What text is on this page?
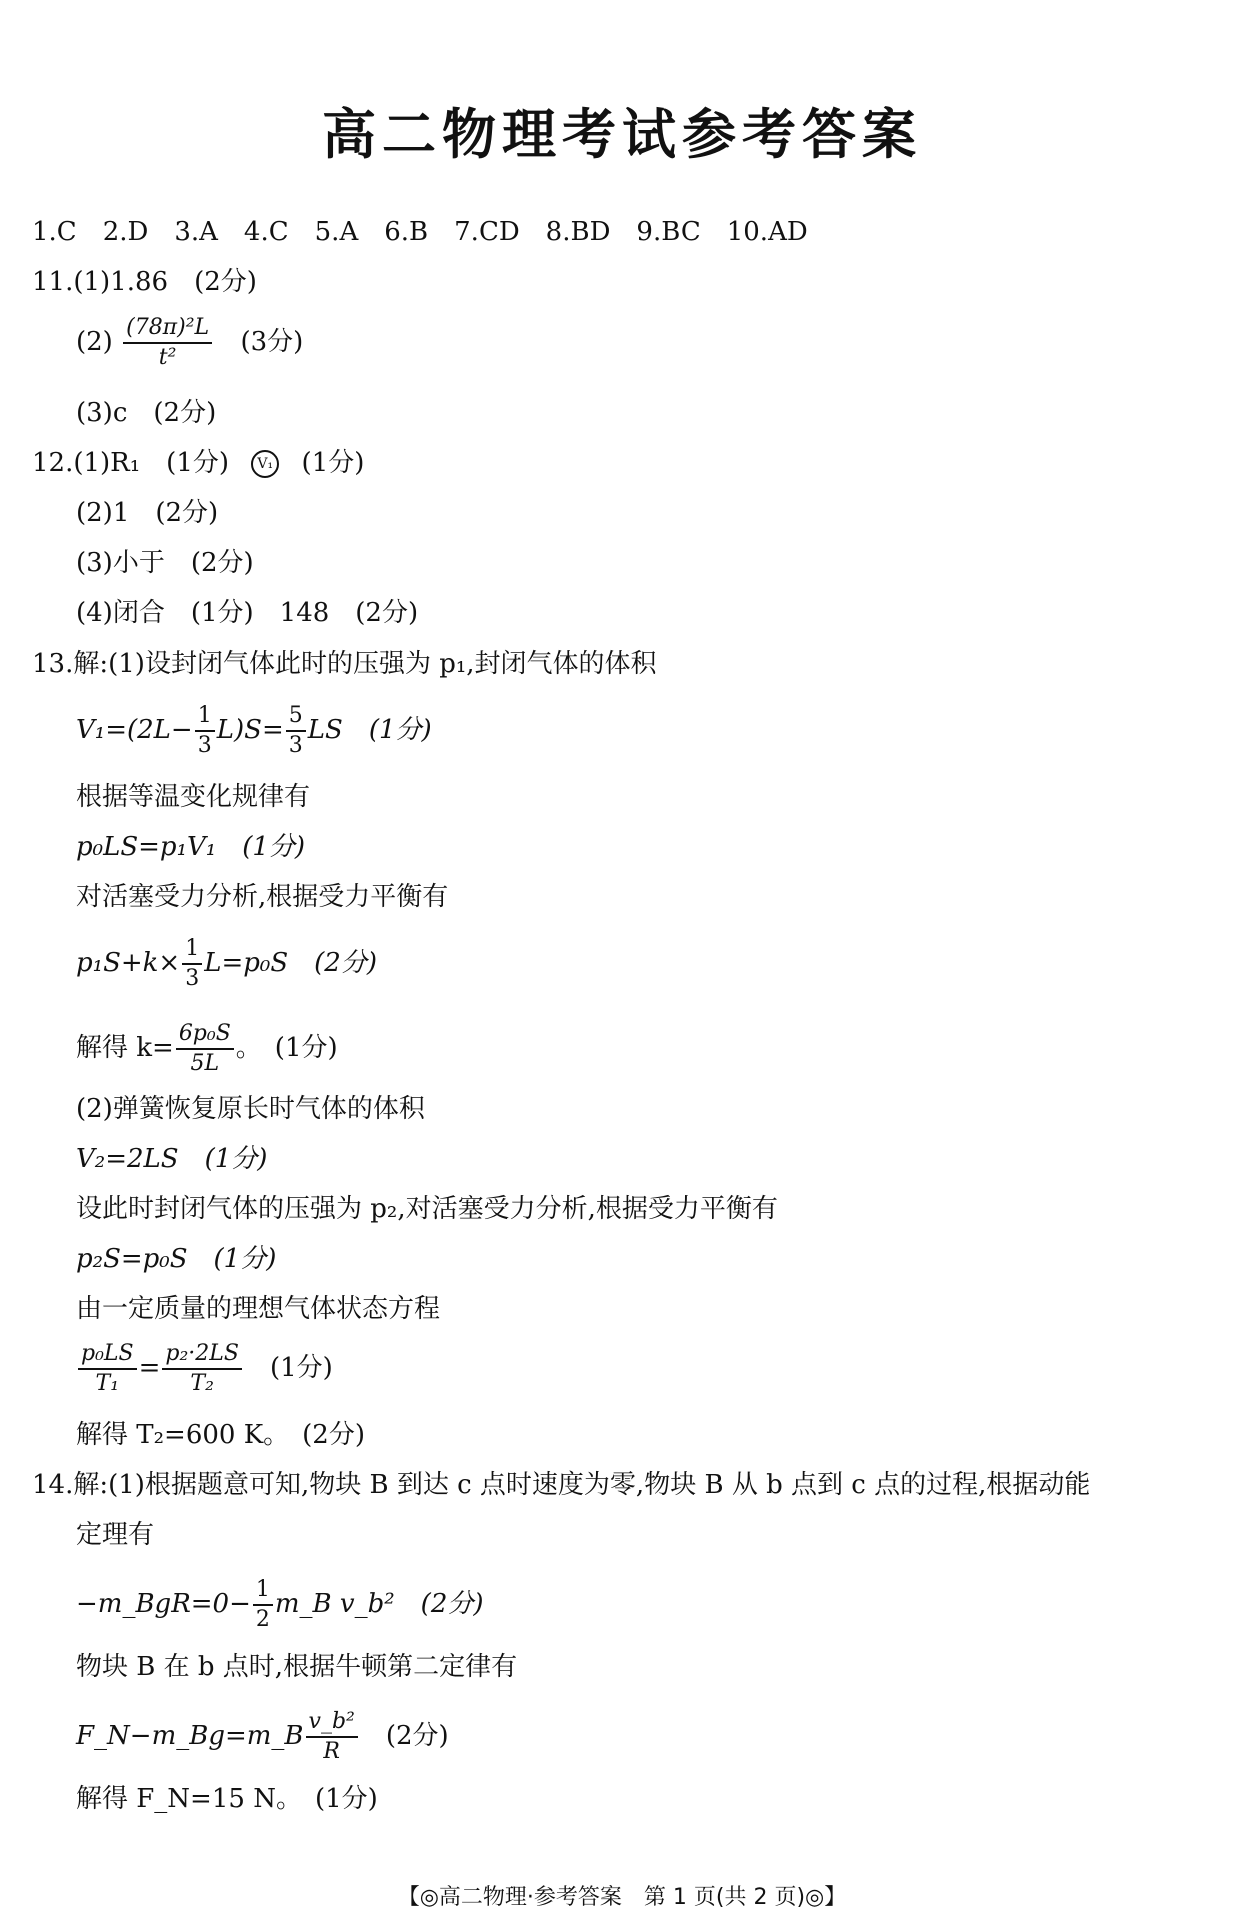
高二物理考试参考答案
1.C　2.D　3.A　4.C　5.A　6.B　7.CD　8.BD　9.BC　10.AD
11.(1)1.86　(2分)
$(2) \frac{\text{(78π)²L}}{\text{t²}} (3$分)
(3)c　(2分)
12.(1)R₁　(1分) V₁ (1分)
(2)1　(2分)
(3)小于　(2分)
(4)闭合　(1分)　148　(2分)
13.解:(1)设封闭气体此时的压强为 p₁,封闭气体的体积
$V_1=(2L- \frac{1}{3} L)S= \frac{5}{3}$ LS　(1分)
根据等温变化规律有
p₀LS=p₁V₁　(1分)
对活塞受力分析,根据受力平衡有
$p_1S+k\times \frac{1}{3} L=p_0S$　(2分)
解得 $k= \frac{\text{6p₀S}}{5L}$ 。　(1分)
(2)弹簧恢复原长时气体的体积
V₂=2LS　(1分)
设此时封闭气体的压强为 p₂,对活塞受力分析,根据受力平衡有
p₂S=p₀S　(1分)
由一定质量的理想气体状态方程
$\frac{\text{p₀LS}}{\text{T₁}} = \frac{\text{p₂·2LS}}{\text{T₂}}$ 　(1分)
解得 T₂=600 K。　(2分)
14.解:(1)根据题意可知,物块 B 到达 c 点时速度为零,物块 B 从 b 点到 c 点的过程,根据动能
定理有
−m_BgR=0− $\frac{1}{2}$ m_B v_b²　(2分)
物块 B 在 b 点时,根据牛顿第二定律有
F_N−m_Bg=m_B $\frac{\text{v\_b²}}{R}$ 　(2分)
解得 F_N=15 N。　(1分)
【◎高二物理·参考答案　第 1 页(共 2 页)◎】
